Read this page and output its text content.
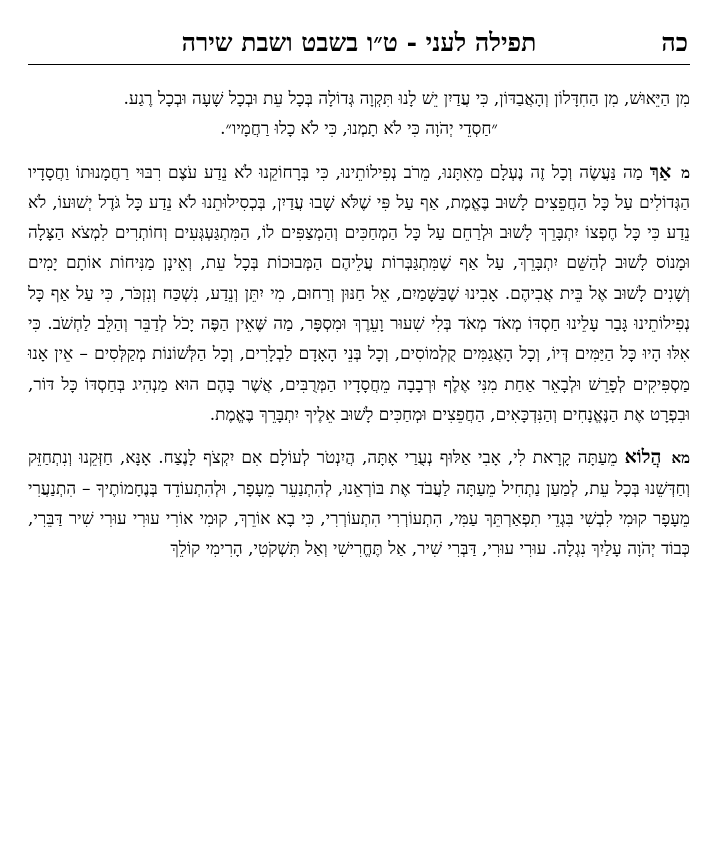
כה
תפילה לעני - ט״ו בשבט ושבת שירה

מִן הַיֵּאוּשׁ, מִן הַחִדָּלוֹן וְהָאֲבַדּוֹן, כִּי עֲדַיִן יֵשׁ לָנוּ תִּקְוָה גְּדוֹלָה בְּכָל עֵת וּבְכָל שָׁעָה וּבְכָל רֶגַע.

״חַסְדֵי יְהֹוָה כִּי לֹא תָמְנוּ, כִּי לֹא כָלוּ רַחֲמָיו״.

מ אַךְ מַה נַּעֲשֶׂה וְכָל זֶה נֶעְלָם מֵאִתָּנוּ, מֵרֹב נְפִילוֹתֵינוּ, כִּי בְּרָחוֹקֵנוּ לֹא נֵדַע עֹצֶם רִבּוּי רַחֲמָנוּתוֹ וַחֲסָדָיו הַגְּדוֹלִים עַל כָּל הַחֲפֵצִים לָשׁוּב בֶּאֱמֶת, אַף עַל פִּי שֶׁלֹּא שָׁבוּ עֲדַיִן, בְּכְסִילוּתֵנוּ לֹא נֵדַע כָּל גֹּדֶל יְשׁוּעוֹ, לֹא נֵדַע כִּי כָּל חֶפְצוֹ יִתְבָּרֵךְ לָשׁוּב וּלְרַחֵם עַל כָּל הַמְחַכִּים וְהַמְצַפִּים לוֹ, הַמִּתְגַּעְגְּעִים וְחוֹתְרִים לִמְצֹא הַצָּלָה וּמָנוֹס לָשׁוּב לְהַשֵּׁם יִתְבָּרֵךְ, עַל אַף שֶׁמִּתְגַּבְּרוֹת עֲלֵיהֶם הַמְּבוּכוֹת בְּכָל עֵת, וְאֵינָן מַנִּיחוֹת אוֹתָם יָמִים וְשָׁנִים לָשׁוּב אֶל בֵּית אֲבִיהֶם. אָבִינוּ שֶׁבַּשָּׁמַיִם, אֵל חַנּוּן וְרַחוּם, מִי יִתֵּן וְנֵדַע, נִשְׁכַּח וְנִזְכֹּר, כִּי עַל אַף כָּל נְפִילוֹתֵינוּ גָּבַר עָלֵינוּ חַסְדּוֹ מְאֹד מְאֹד בְּלִי שִׁעוּר וָעֵרֶךְ וּמִסְפָּר, מַה שֶּׁאֵין הַפֶּה יָכֹל לְדַבֵּר וְהַלֵּב לַחְשֹׁב. כִּי אִלּוּ הָיוּ כָּל הַיַּמִּים דְּיוֹ, וְכָל הָאֲגַמִּים קֻלְמוֹסִים, וְכָל בְּנֵי הָאָדָם לַבְלָרִים, וְכָל הַלְּשׁוֹנוֹת מְקַלְּסִים – אֵין אָנוּ מַסְפִּיקִים לְפָרֵשׁ וּלְבָאֵר אַחַת מִנִּי אֶלֶף וּרְבָבָה מֵחֲסָדָיו הַמְּרֻבִּים, אֲשֶׁר בָּהֶם הוּא מַנְהִיג בְּחַסְדּוֹ כָּל דּוֹר, וּבִפְרָט אֶת הַנֶּאֱנָחִים וְהַנִּדְכָּאִים, הַחֲפֵצִים וּמְחַכִּים לָשׁוּב אֵלֶיךָ יִתְבָּרֵךְ בֶּאֱמֶת.

מא הֲלוֹא מֵעַתָּה קָרָאת לִי, אָבִי אַלּוּף נְעֻרַי אָתָּה, הֲיִנְטֹר לְעוֹלָם אִם יִקְצֹף לָנֶצַח. אָנָּא, חַזְּקֵנוּ וְנִתְחַזֵּק וְחַדְּשֵׁנוּ בְּכָל עֵת, לְמַעַן נַתְחִיל מֵעַתָּה לַעֲבֹד אֶת בּוֹרְאֵנוּ, לְהִתְנַעֵר מֵעָפָר, וּלְהִתְעוֹדֵד בְּנֶחָמוֹתֶיךָ – הִתְנַעֲרִי מֵעָפָר קוּמִי לִבְשִׁי בִּגְדֵי תִפְאַרְתֵּךְ עַמִּי, הִתְעוֹרְרִי הִתְעוֹרְרִי, כִּי בָא אוֹרֵךְ, קוּמִי אוֹרִי עוּרִי עוּרִי שִׁיר דַּבֵּרִי, כְּבוֹד יְהֹוָה עָלַיִךְ נִגְלָה. עוּרִי עוּרִי, דַּבְּרִי שִׁיר, אַל תֶּחֱרִישִׁי וְאַל תִּשְׁקֹטִי, הָרִימִי קוֹלֵךְ
